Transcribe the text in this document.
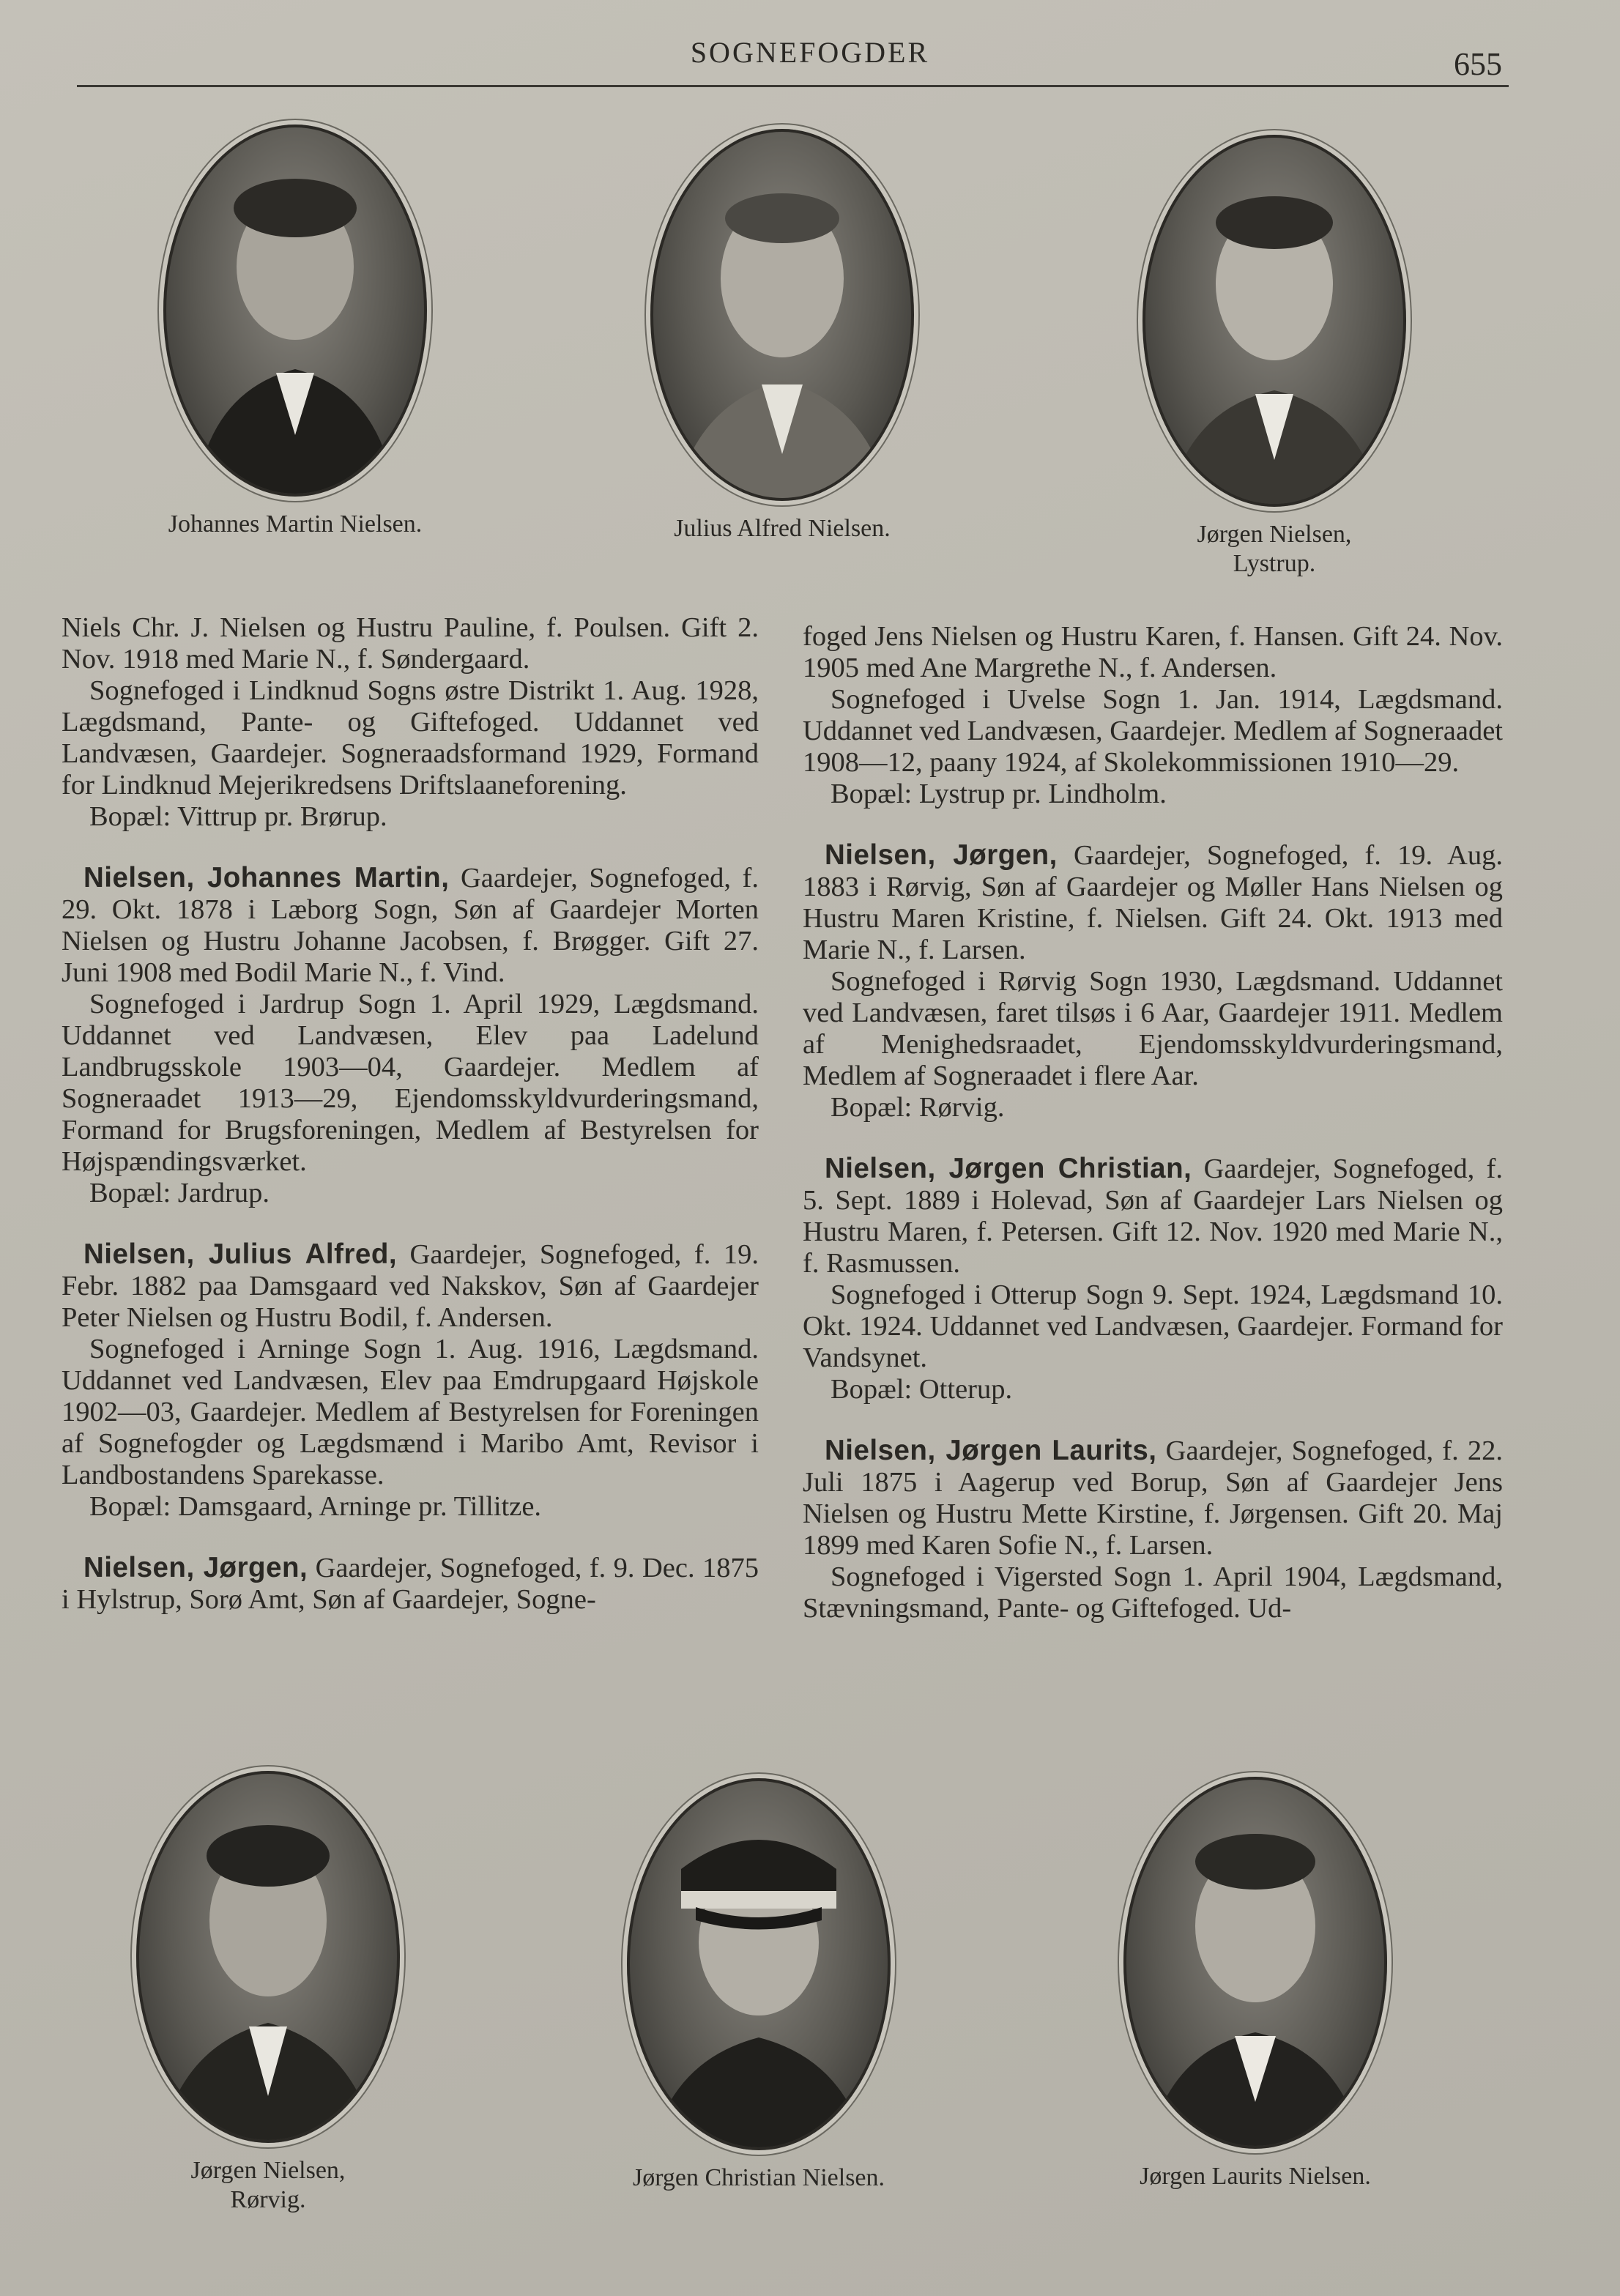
SOGNEFOGDER	655
Johannes Martin Nielsen.	Julius Alfred Nielsen.	Jørgen Nielsen,
Lystrup.

Niels Chr. J. Nielsen og Hustru Pauline, f. Poulsen. Gift 2. Nov. 1918 med Marie N., f. Søndergaard.

Sognefoged i Lindknud Sogns østre Distrikt 1. Aug. 1928, Lægdsmand, Pante- og Giftefoged. Uddannet ved Landvæsen, Gaardejer. Sogneraadsformand 1929, Formand for Lindknud Mejerikredsens Driftslaaneforening.

Bopæl: Vittrup pr. Brørup.

Nielsen, Johannes Martin, Gaardejer, Sognefoged, f. 29. Okt. 1878 i Læborg Sogn, Søn af Gaardejer Morten Nielsen og Hustru Johanne Jacobsen, f. Brøgger. Gift 27. Juni 1908 med Bodil Marie N., f. Vind.

Sognefoged i Jardrup Sogn 1. April 1929, Lægdsmand. Uddannet ved Landvæsen, Elev paa Ladelund Landbrugsskole 1903—04, Gaardejer. Medlem af Sogneraadet 1913—29, Ejendomsskyldvurderingsmand, Formand for Brugsforeningen, Medlem af Bestyrelsen for Højspændingsværket.

Bopæl: Jardrup.

Nielsen, Julius Alfred, Gaardejer, Sognefoged, f. 19. Febr. 1882 paa Damsgaard ved Nakskov, Søn af Gaardejer Peter Nielsen og Hustru Bodil, f. Andersen.

Sognefoged i Arninge Sogn 1. Aug. 1916, Lægdsmand. Uddannet ved Landvæsen, Elev paa Emdrupgaard Højskole 1902—03, Gaardejer. Medlem af Bestyrelsen for Foreningen af Sognefogder og Lægdsmænd i Maribo Amt, Revisor i Landbostandens Sparekasse.

Bopæl: Damsgaard, Arninge pr. Tillitze.

Nielsen, Jørgen, Gaardejer, Sognefoged, f. 9. Dec. 1875 i Hylstrup, Sorø Amt, Søn af Gaardejer, Sogne-

foged Jens Nielsen og Hustru Karen, f. Hansen. Gift 24. Nov. 1905 med Ane Margrethe N., f. Andersen.

Sognefoged i Uvelse Sogn 1. Jan. 1914, Lægdsmand. Uddannet ved Landvæsen, Gaardejer. Medlem af Sogneraadet 1908—12, paany 1924, af Skolekommissionen 1910—29.

Bopæl: Lystrup pr. Lindholm.

Nielsen, Jørgen, Gaardejer, Sognefoged, f. 19. Aug. 1883 i Rørvig, Søn af Gaardejer og Møller Hans Nielsen og Hustru Maren Kristine, f. Nielsen. Gift 24. Okt. 1913 med Marie N., f. Larsen.

Sognefoged i Rørvig Sogn 1930, Lægdsmand. Uddannet ved Landvæsen, faret tilsøs i 6 Aar, Gaardejer 1911. Medlem af Menighedsraadet, Ejendomsskyldvurderingsmand, Medlem af Sogneraadet i flere Aar.

Bopæl: Rørvig.

Nielsen, Jørgen Christian, Gaardejer, Sognefoged, f. 5. Sept. 1889 i Holevad, Søn af Gaardejer Lars Nielsen og Hustru Maren, f. Petersen. Gift 12. Nov. 1920 med Marie N., f. Rasmussen.

Sognefoged i Otterup Sogn 9. Sept. 1924, Lægdsmand 10. Okt. 1924. Uddannet ved Landvæsen, Gaardejer. Formand for Vandsynet.

Bopæl: Otterup.

Nielsen, Jørgen Laurits, Gaardejer, Sognefoged, f. 22. Juli 1875 i Aagerup ved Borup, Søn af Gaardejer Jens Nielsen og Hustru Mette Kirstine, f. Jørgensen. Gift 20. Maj 1899 med Karen Sofie N., f. Larsen.

Sognefoged i Vigersted Sogn 1. April 1904, Lægdsmand, Stævningsmand, Pante- og Giftefoged. Ud-

Jørgen Nielsen,
Rørvig.
Jørgen Christian Nielsen.	Jørgen Laurits Nielsen.
